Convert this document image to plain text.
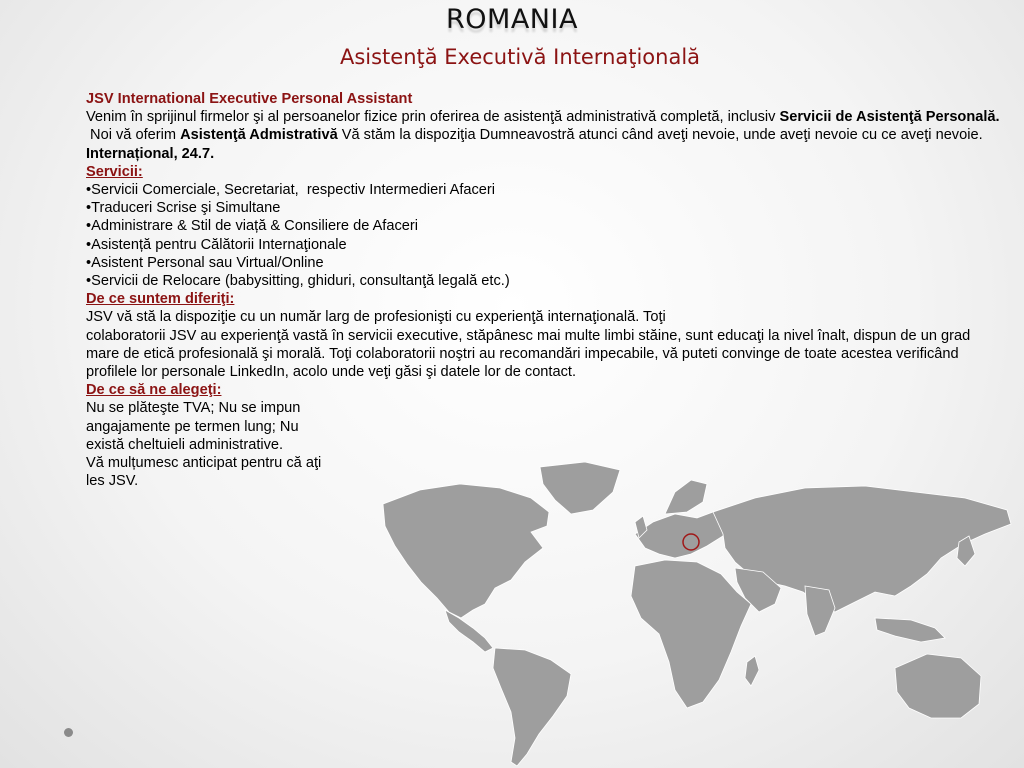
ROMANIA
Asistenţă Executivă Internaţională

JSV International Executive Personal Assistant

Venim în sprijinul firmelor şi al persoanelor fizice prin oferirea de asistenţă administrativă completă, inclusiv Servicii de Asistenţă Personală.

Noi vă oferim Asistenţă Admistrativă Vă stăm la dispoziţia Dumneavostră atunci când aveţi nevoie, unde aveţi nevoie cu ce aveţi nevoie.

Internațional, 24.7.

Servicii:

•Servicii Comerciale, Secretariat,  respectiv Intermedieri Afaceri

•Traduceri Scrise şi Simultane

•Administrare & Stil de viață & Consiliere de Afaceri

•Asistență pentru Călătorii Internaţionale

•Asistent Personal sau Virtual/Online

•Servicii de Relocare (babysitting, ghiduri, consultanţă legală etc.)

De ce suntem diferiţi:

JSV vă stă la dispoziţie cu un număr larg de profesionişti cu experienţă internaţională. Toţi

colaboratorii JSV au experienţă vastă în servicii executive, stăpânesc mai multe limbi stăine, sunt educaţi la nivel înalt, dispun de un grad mare de etică profesională şi morală. Toţi colaboratorii noştri au recomandări impecabile, vă puteti convinge de toate acestea verificând profilele lor personale LinkedIn, acolo unde veţi găsi şi datele lor de contact.

De ce să ne alegeţi:

Nu se plăteşte TVA; Nu se impun angajamente pe termen lung; Nu există cheltuieli administrative.

Vă mulțumesc anticipat pentru că aţi les JSV.
